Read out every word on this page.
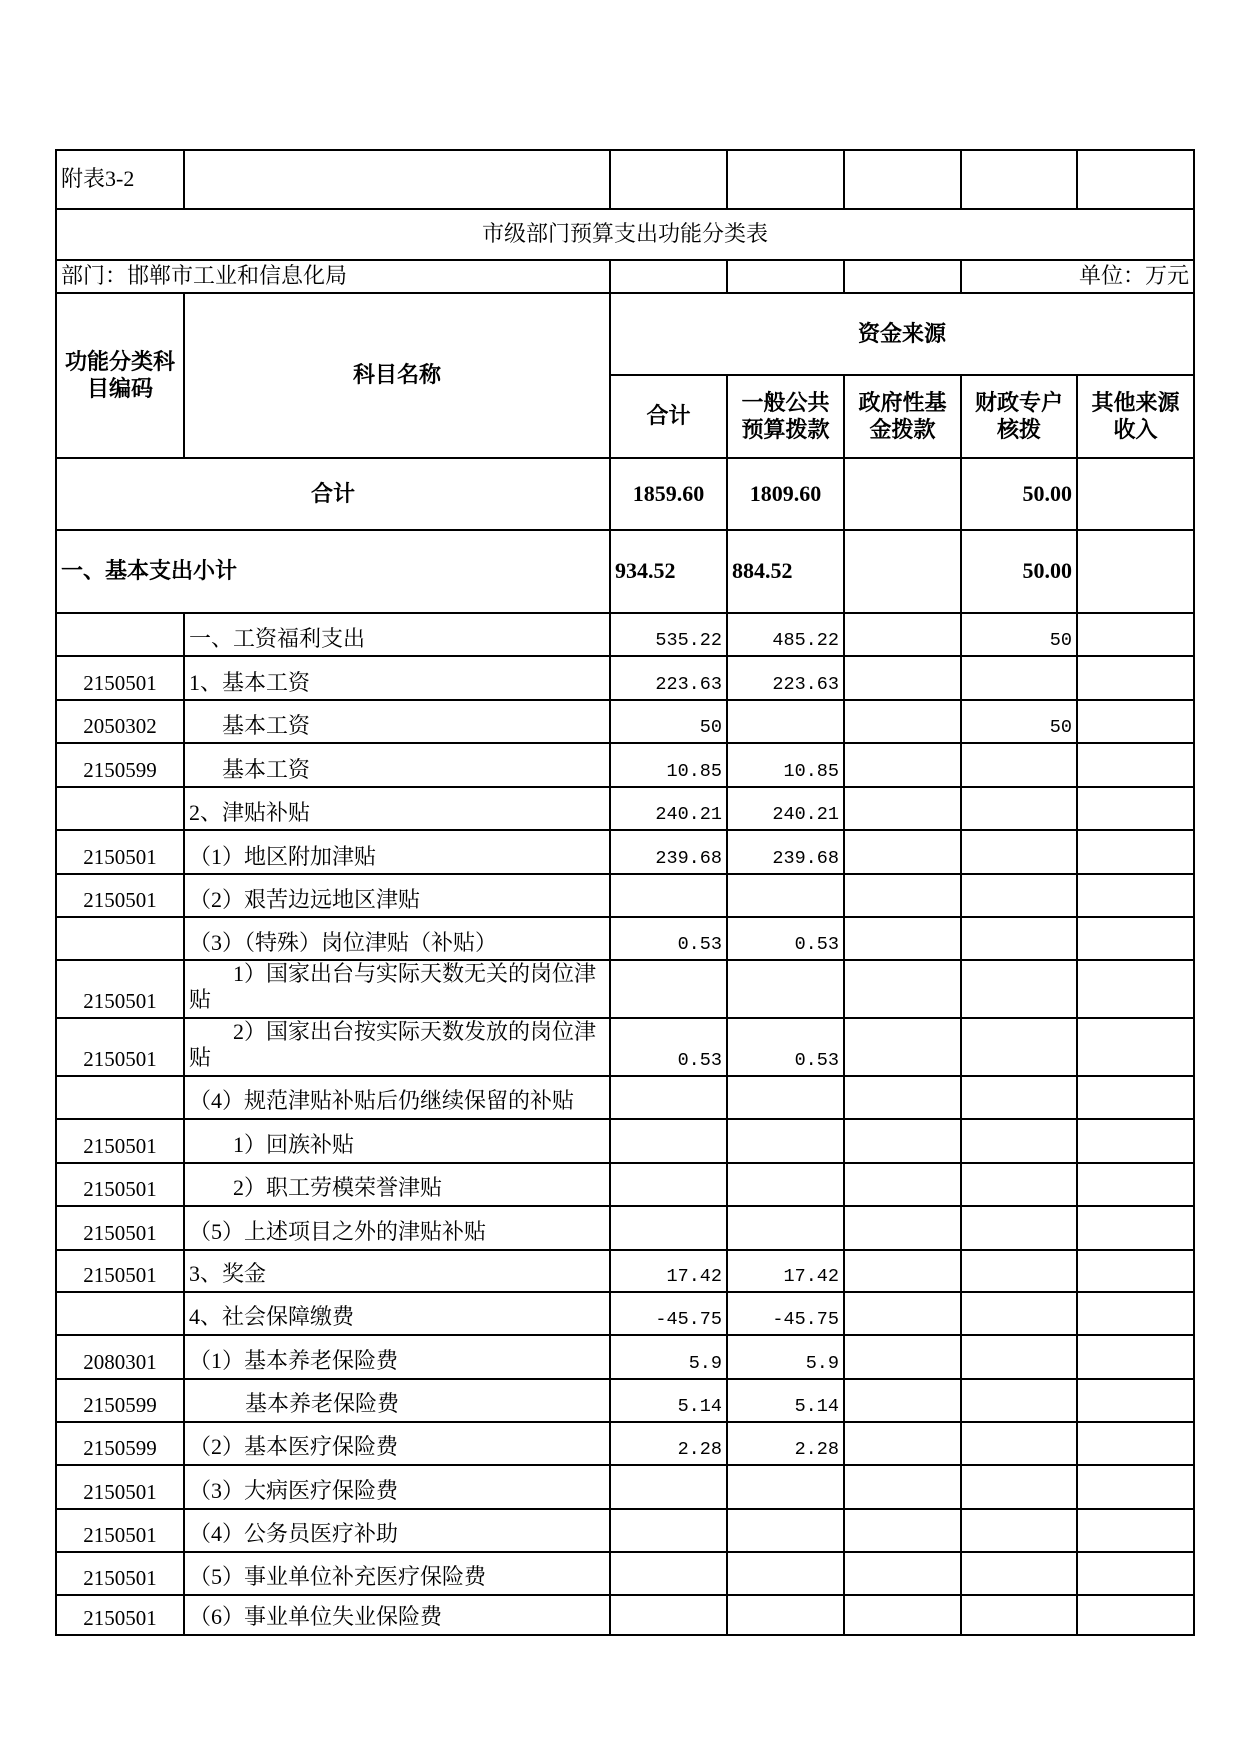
附表3-2						
市级部门预算支出功能分类表						
部门：邯郸市工业和信息化局					单位：万元	
功能分类科目编码	科目名称	资金来源				
		合计	一般公共预算拨款	政府性基金拨款	财政专户核拨	其他来源收入
合计		1859.60	1809.60		50.00	
一、基本支出小计		934.52	884.52		50.00	
	一、工资福利支出	535.22	485.22		50	
2150501	1、基本工资	223.63	223.63			
2050302	基本工资	50			50	
2150599	基本工资	10.85	10.85			
	2、津贴补贴	240.21	240.21			
2150501	（1）地区附加津贴	239.68	239.68			
2150501	（2）艰苦边远地区津贴					
	（3）（特殊）岗位津贴（补贴）	0.53	0.53			
2150501	1）国家出台与实际天数无关的岗位津贴					
2150501	2）国家出台按实际天数发放的岗位津贴	0.53	0.53			
	（4）规范津贴补贴后仍继续保留的补贴					
2150501	1）回族补贴					
2150501	2）职工劳模荣誉津贴					
2150501	（5）上述项目之外的津贴补贴					
2150501	3、奖金	17.42	17.42			
	4、社会保障缴费	-45.75	-45.75			
2080301	（1）基本养老保险费	5.9	5.9			
2150599	基本养老保险费	5.14	5.14			
2150599	（2）基本医疗保险费	2.28	2.28			
2150501	（3）大病医疗保险费					
2150501	（4）公务员医疗补助					
2150501	（5）事业单位补充医疗保险费					
2150501	（6）事业单位失业保险费					
